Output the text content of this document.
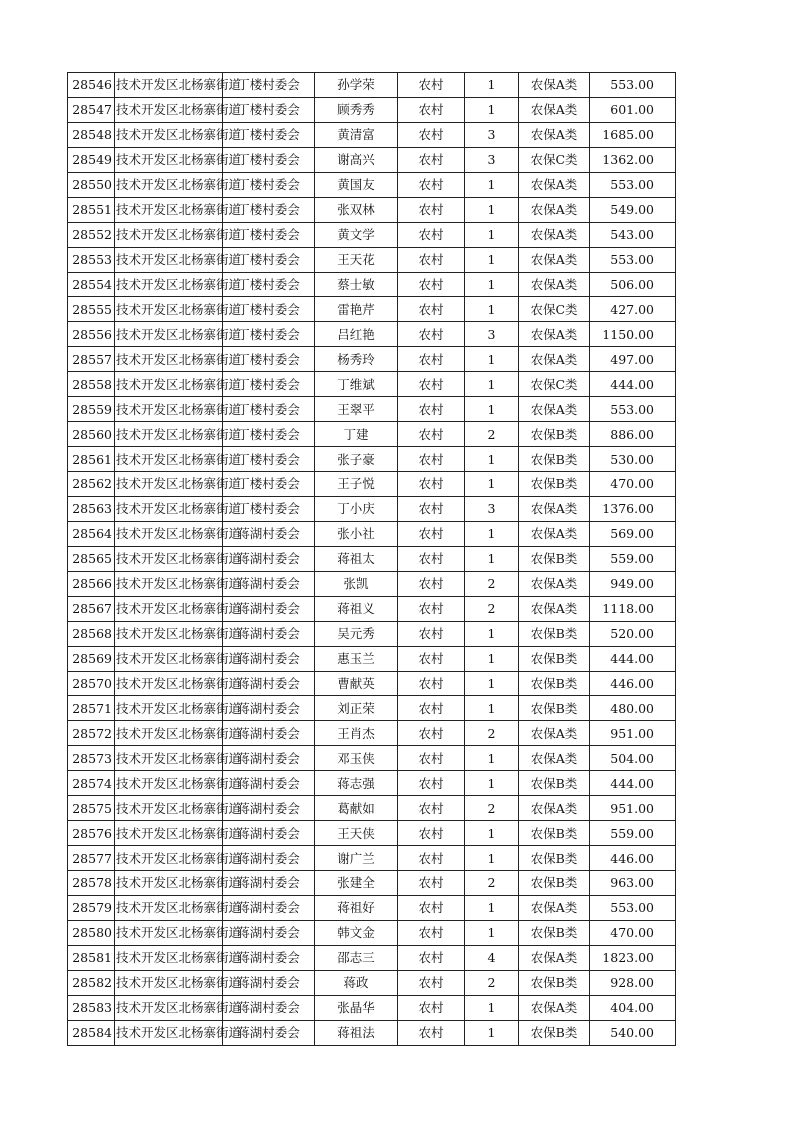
28546	技术开发区北杨寨街道	丁楼村委会	孙学荣	农村	1	农保A类	553.00
28547	技术开发区北杨寨街道	丁楼村委会	顾秀秀	农村	1	农保A类	601.00
28548	技术开发区北杨寨街道	丁楼村委会	黄清富	农村	3	农保A类	1685.00
28549	技术开发区北杨寨街道	丁楼村委会	谢高兴	农村	3	农保C类	1362.00
28550	技术开发区北杨寨街道	丁楼村委会	黄国友	农村	1	农保A类	553.00
28551	技术开发区北杨寨街道	丁楼村委会	张双林	农村	1	农保A类	549.00
28552	技术开发区北杨寨街道	丁楼村委会	黄文学	农村	1	农保A类	543.00
28553	技术开发区北杨寨街道	丁楼村委会	王天花	农村	1	农保A类	553.00
28554	技术开发区北杨寨街道	丁楼村委会	蔡士敏	农村	1	农保A类	506.00
28555	技术开发区北杨寨街道	丁楼村委会	雷艳芹	农村	1	农保C类	427.00
28556	技术开发区北杨寨街道	丁楼村委会	吕红艳	农村	3	农保A类	1150.00
28557	技术开发区北杨寨街道	丁楼村委会	杨秀玲	农村	1	农保A类	497.00
28558	技术开发区北杨寨街道	丁楼村委会	丁维斌	农村	1	农保C类	444.00
28559	技术开发区北杨寨街道	丁楼村委会	王翠平	农村	1	农保A类	553.00
28560	技术开发区北杨寨街道	丁楼村委会	丁建	农村	2	农保B类	886.00
28561	技术开发区北杨寨街道	丁楼村委会	张子豪	农村	1	农保B类	530.00
28562	技术开发区北杨寨街道	丁楼村委会	王子悦	农村	1	农保B类	470.00
28563	技术开发区北杨寨街道	丁楼村委会	丁小庆	农村	3	农保A类	1376.00
28564	技术开发区北杨寨街道	蒋湖村委会	张小社	农村	1	农保A类	569.00
28565	技术开发区北杨寨街道	蒋湖村委会	蒋祖太	农村	1	农保B类	559.00
28566	技术开发区北杨寨街道	蒋湖村委会	张凯	农村	2	农保A类	949.00
28567	技术开发区北杨寨街道	蒋湖村委会	蒋祖义	农村	2	农保A类	1118.00
28568	技术开发区北杨寨街道	蒋湖村委会	吴元秀	农村	1	农保B类	520.00
28569	技术开发区北杨寨街道	蒋湖村委会	惠玉兰	农村	1	农保B类	444.00
28570	技术开发区北杨寨街道	蒋湖村委会	曹献英	农村	1	农保B类	446.00
28571	技术开发区北杨寨街道	蒋湖村委会	刘正荣	农村	1	农保B类	480.00
28572	技术开发区北杨寨街道	蒋湖村委会	王肖杰	农村	2	农保A类	951.00
28573	技术开发区北杨寨街道	蒋湖村委会	邓玉侠	农村	1	农保A类	504.00
28574	技术开发区北杨寨街道	蒋湖村委会	蒋志强	农村	1	农保B类	444.00
28575	技术开发区北杨寨街道	蒋湖村委会	葛献如	农村	2	农保A类	951.00
28576	技术开发区北杨寨街道	蒋湖村委会	王天侠	农村	1	农保B类	559.00
28577	技术开发区北杨寨街道	蒋湖村委会	谢广兰	农村	1	农保B类	446.00
28578	技术开发区北杨寨街道	蒋湖村委会	张建全	农村	2	农保B类	963.00
28579	技术开发区北杨寨街道	蒋湖村委会	蒋祖好	农村	1	农保A类	553.00
28580	技术开发区北杨寨街道	蒋湖村委会	韩文金	农村	1	农保B类	470.00
28581	技术开发区北杨寨街道	蒋湖村委会	邵志三	农村	4	农保A类	1823.00
28582	技术开发区北杨寨街道	蒋湖村委会	蒋政	农村	2	农保B类	928.00
28583	技术开发区北杨寨街道	蒋湖村委会	张晶华	农村	1	农保A类	404.00
28584	技术开发区北杨寨街道	蒋湖村委会	蒋祖法	农村	1	农保B类	540.00
